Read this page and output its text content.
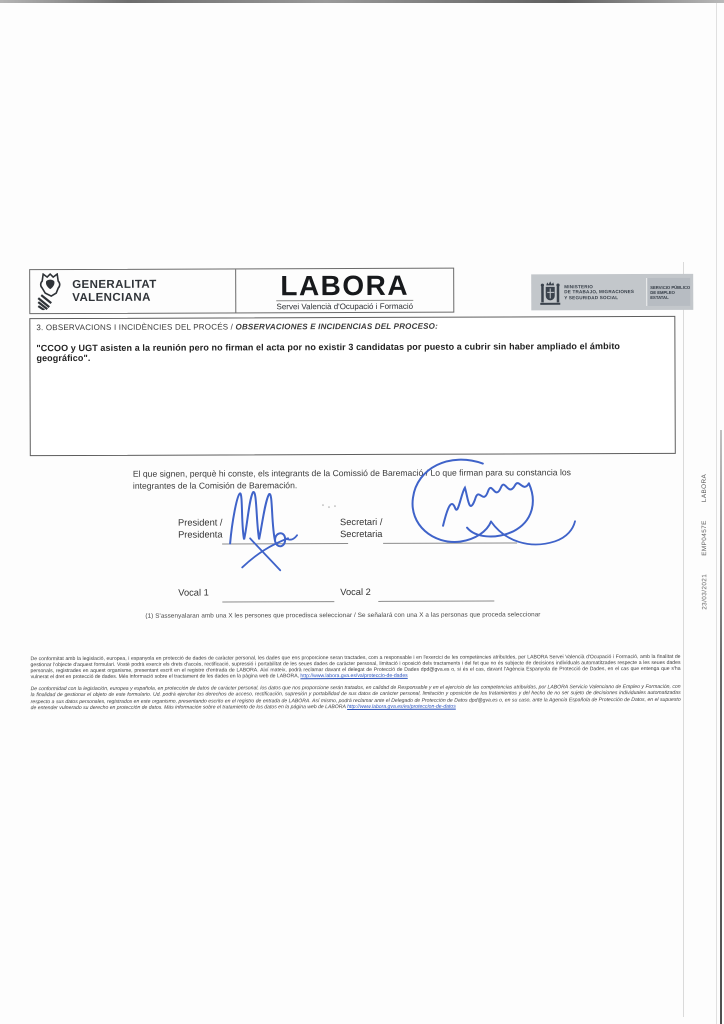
GENERALITAT
VALENCIANA	LABORA
Servei Valencià d'Ocupació i Formació
MINISTERIO
DE TRABAJO, MIGRACIONES
Y SEGURIDAD SOCIAL
SERVICIO PÚBLICO
DE EMPLEO ESTATAL
3. OBSERVACIONS I INCIDÈNCIES DEL PROCÉS / OBSERVACIONES E INCIDENCIAS DEL PROCESO:
"CCOO y UGT asisten a la reunión pero no firman el acta por no existir 3 candidatas por puesto a cubrir sin haber ampliado el ámbito geográfico".

El que signen, perquè hi conste, els integrants de la Comissió de Baremació / Lo que firman para su constancia los integrantes de la Comisión de Baremación.

President /
Presidenta
Secretari /
Secretaria
Vocal 1	Vocal 2
(1) S'assenyalaran amb una X les persones que procedisca seleccionar / Se señalará con una X a las personas que proceda seleccionar

De conformitat amb la legislació, europea, i espanyola en protecció de dades de caràcter personal, les dades que ens proporcione seran tractades, com a responsable i en l'exercici de les competències atribuïdes, per LABORA Servei Valencià d'Ocupació i Formació, amb la finalitat de gestionar l'objecte d'aquest formulari. Vostè podrà exercir els drets d'accés, rectificació, supressió i portabilitat de les seues dades de caràcter personal, limitació i oposició dels tractaments i del fet que no és subjecte de decisions individuals automatitzades respecte a les seues dades personals, registrades en aquest organisme, presentant escrit en el registre d'entrada de LABORA. Així mateix, podrà reclamar davant el delegat de Protecció de Dades dpd@gva.es o, si és el cas, davant l'Agència Espanyola de Protecció de Dades, en el cas que entenga que s'ha vulnerat el dret en protecció de dades. Més informació sobre el tractament de les dades en la pàgina web de LABORA, http://www.labora.gva.es/va/proteccio-de-dades

De conformidad con la legislación, europea y española, en protección de datos de carácter personal, los datos que nos proporcione serán tratados, en calidad de Responsable y en el ejercicio de las competencias atribuidas, por LABORA Servicio Valenciano de Empleo y Formación, con la finalidad de gestionar el objeto de este formulario. Ud. podrá ejercitar los derechos de acceso, rectificación, supresión y portabilidad de sus datos de carácter personal, limitación y oposición de los tratamientos y del hecho de no ser sujeto de decisiones individuales automatizadas respecto a sus datos personales, registrados en este organismo, presentando escrito en el registro de entrada de LABORA. Así mismo, podrá reclamar ante el Delegado de Protección de Datos dpd@gva.es o, en su caso, ante la Agencia Española de Protección de Datos, en el supuesto de entender vulnerado su derecho en protección de datos. Más información sobre el tratamiento de los datos en la página web de LABORA http://www.labora.gva.es/es/proteccion-de-datos

23/03/2021
EMP0457E
LABORA
